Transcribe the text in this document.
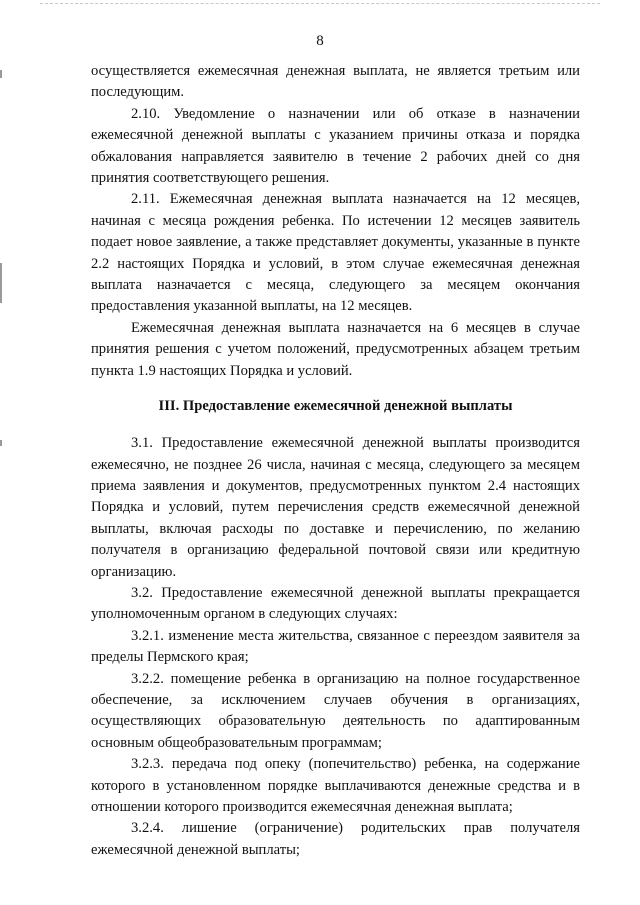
8

осуществляется ежемесячная денежная выплата, не является третьим или последующим.

2.10. Уведомление о назначении или об отказе в назначении ежемесячной денежной выплаты с указанием причины отказа и порядка обжалования направляется заявителю в течение 2 рабочих дней со дня принятия соответствующего решения.

2.11. Ежемесячная денежная выплата назначается на 12 месяцев, начиная с месяца рождения ребенка. По истечении 12 месяцев заявитель подает новое заявление, а также представляет документы, указанные в пункте 2.2 настоящих Порядка и условий, в этом случае ежемесячная денежная выплата назначается с месяца, следующего за месяцем окончания предоставления указанной выплаты, на 12 месяцев.

Ежемесячная денежная выплата назначается на 6 месяцев в случае принятия решения с учетом положений, предусмотренных абзацем третьим пункта 1.9 настоящих Порядка и условий.

III. Предоставление ежемесячной денежной выплаты

3.1. Предоставление ежемесячной денежной выплаты производится ежемесячно, не позднее 26 числа, начиная с месяца, следующего за месяцем приема заявления и документов, предусмотренных пунктом 2.4 настоящих Порядка и условий, путем перечисления средств ежемесячной денежной выплаты, включая расходы по доставке и перечислению, по желанию получателя в организацию федеральной почтовой связи или кредитную организацию.

3.2. Предоставление ежемесячной денежной выплаты прекращается уполномоченным органом в следующих случаях:

3.2.1. изменение места жительства, связанное с переездом заявителя за пределы Пермского края;

3.2.2. помещение ребенка в организацию на полное государственное обеспечение, за исключением случаев обучения в организациях, осуществляющих образовательную деятельность по адаптированным основным общеобразовательным программам;

3.2.3. передача под опеку (попечительство) ребенка, на содержание которого в установленном порядке выплачиваются денежные средства и в отношении которого производится ежемесячная денежная выплата;

3.2.4. лишение (ограничение) родительских прав получателя ежемесячной денежной выплаты;
